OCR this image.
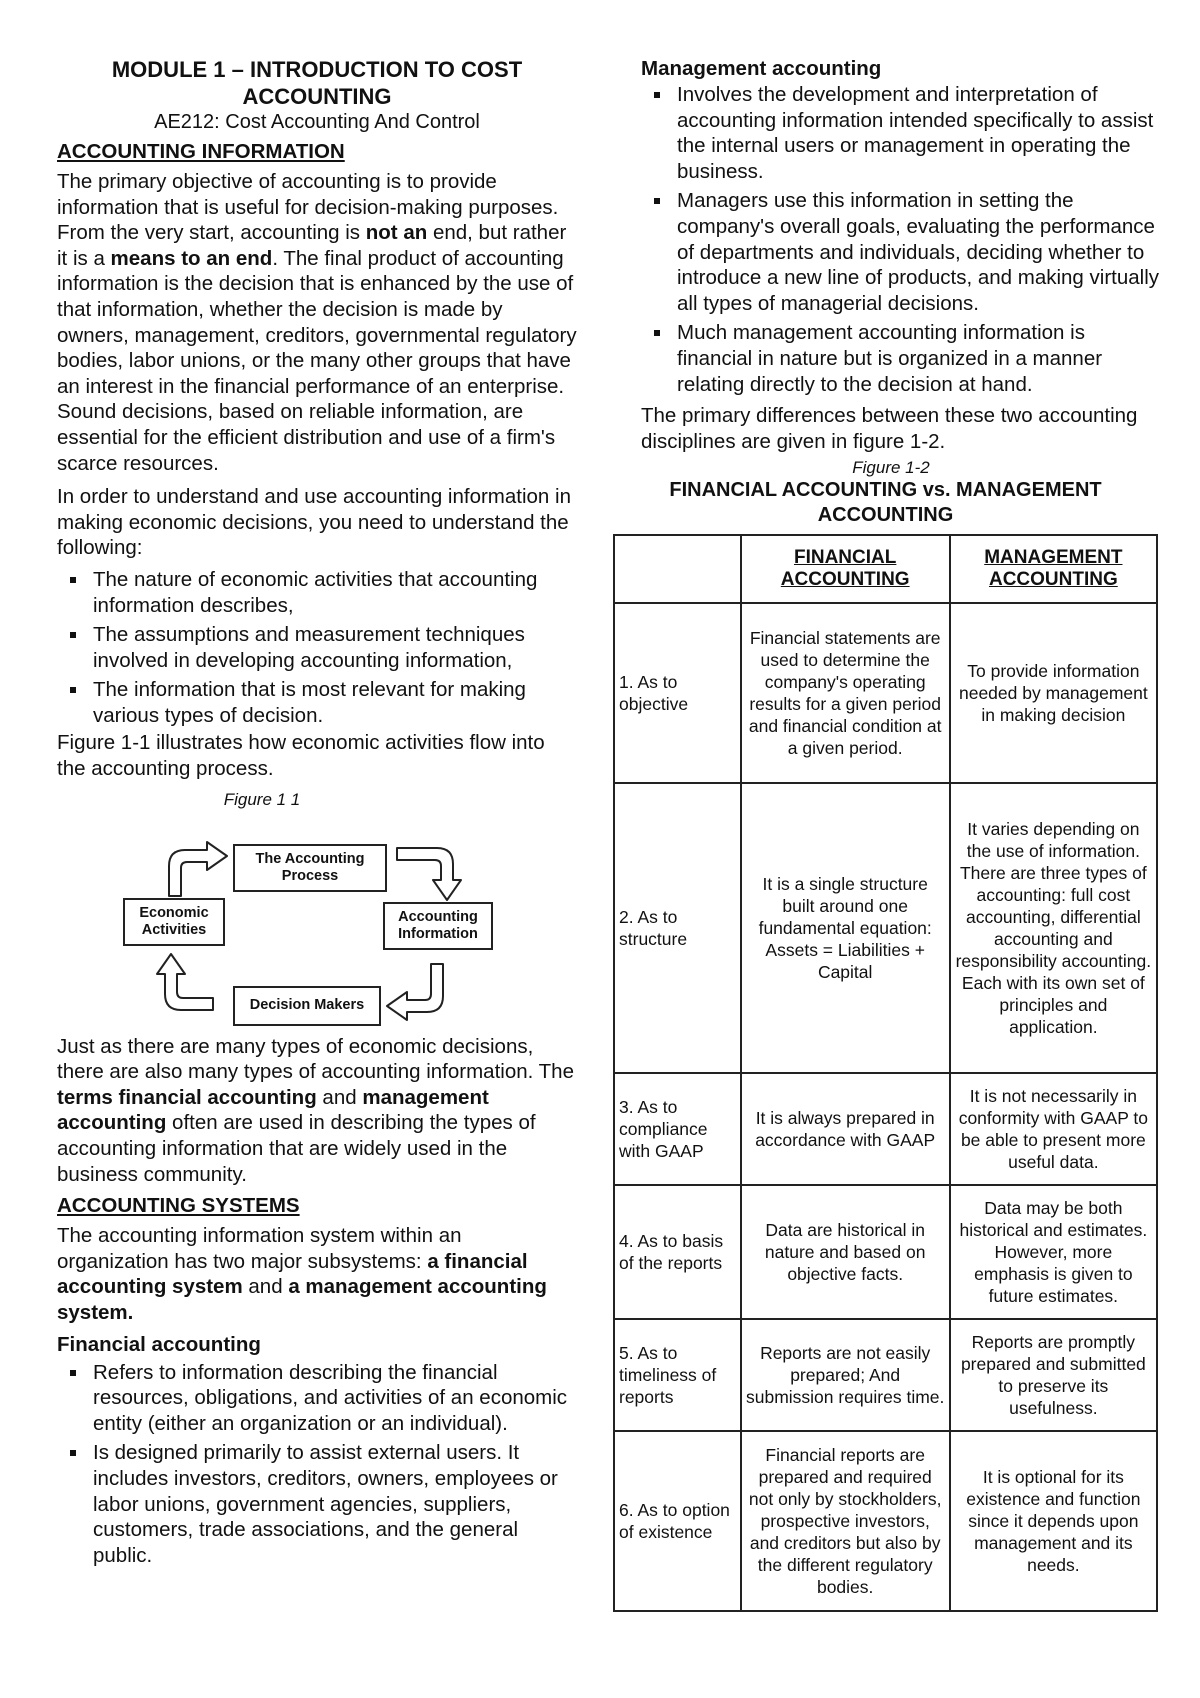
MODULE 1 – INTRODUCTION TO COST ACCOUNTING
AE212: Cost Accounting And Control
ACCOUNTING INFORMATION

The primary objective of accounting is to provide information that is useful for decision-making purposes. From the very start, accounting is not an end, but rather it is a means to an end. The final product of accounting information is the decision that is enhanced by the use of that information, whether the decision is made by owners, management, creditors, governmental regulatory bodies, labor unions, or the many other groups that have an interest in the financial performance of an enterprise. Sound decisions, based on reliable information, are essential for the efficient distribution and use of a firm's scarce resources.

In order to understand and use accounting information in making economic decisions, you need to understand the following:

The nature of economic activities that accounting information describes,
The assumptions and measurement techniques involved in developing accounting information,
The information that is most relevant for making various types of decision.

Figure 1-1 illustrates how economic activities flow into the accounting process.

Figure 1 1
The Accounting Process
Accounting Information
Decision Makers
Economic Activities

Just as there are many types of economic decisions, there are also many types of accounting information. The terms financial accounting and management accounting often are used in describing the types of accounting information that are widely used in the business community.

ACCOUNTING SYSTEMS

The accounting information system within an organization has two major subsystems: a financial accounting system and a management accounting system.

Financial accounting
Refers to information describing the financial resources, obligations, and activities of an economic entity (either an organization or an individual).
Is designed primarily to assist external users. It includes investors, creditors, owners, employees or labor unions, government agencies, suppliers, customers, trade associations, and the general public.
Management accounting
Involves the development and interpretation of accounting information intended specifically to assist the internal users or management in operating the business.
Managers use this information in setting the company's overall goals, evaluating the performance of departments and individuals, deciding whether to introduce a new line of products, and making virtually all types of managerial decisions.
Much management accounting information is financial in nature but is organized in a manner relating directly to the decision at hand.

The primary differences between these two accounting disciplines are given in figure 1-2.

Figure 1-2
FINANCIAL ACCOUNTING vs. MANAGEMENT ACCOUNTING
	FINANCIAL ACCOUNTING	MANAGEMENT ACCOUNTING
1. As to objective	Financial statements are used to determine the company's operating results for a given period and financial condition at a given period.	To provide information needed by management in making decision
2. As to structure	It is a single structure built around one fundamental equation: Assets = Liabilities + Capital	It varies depending on the use of information. There are three types of accounting: full cost accounting, differential accounting and responsibility accounting. Each with its own set of principles and application.
3. As to compliance with GAAP	It is always prepared in accordance with GAAP	It is not necessarily in conformity with GAAP to be able to present more useful data.
4. As to basis of the reports	Data are historical in nature and based on objective facts.	Data may be both historical and estimates. However, more emphasis is given to future estimates.
5. As to timeliness of reports	Reports are not easily prepared; And submission requires time.	Reports are promptly prepared and submitted to preserve its usefulness.
6. As to option of existence	Financial reports are prepared and required not only by stockholders, prospective investors, and creditors but also by the different regulatory bodies.	It is optional for its existence and function since it depends upon management and its needs.
